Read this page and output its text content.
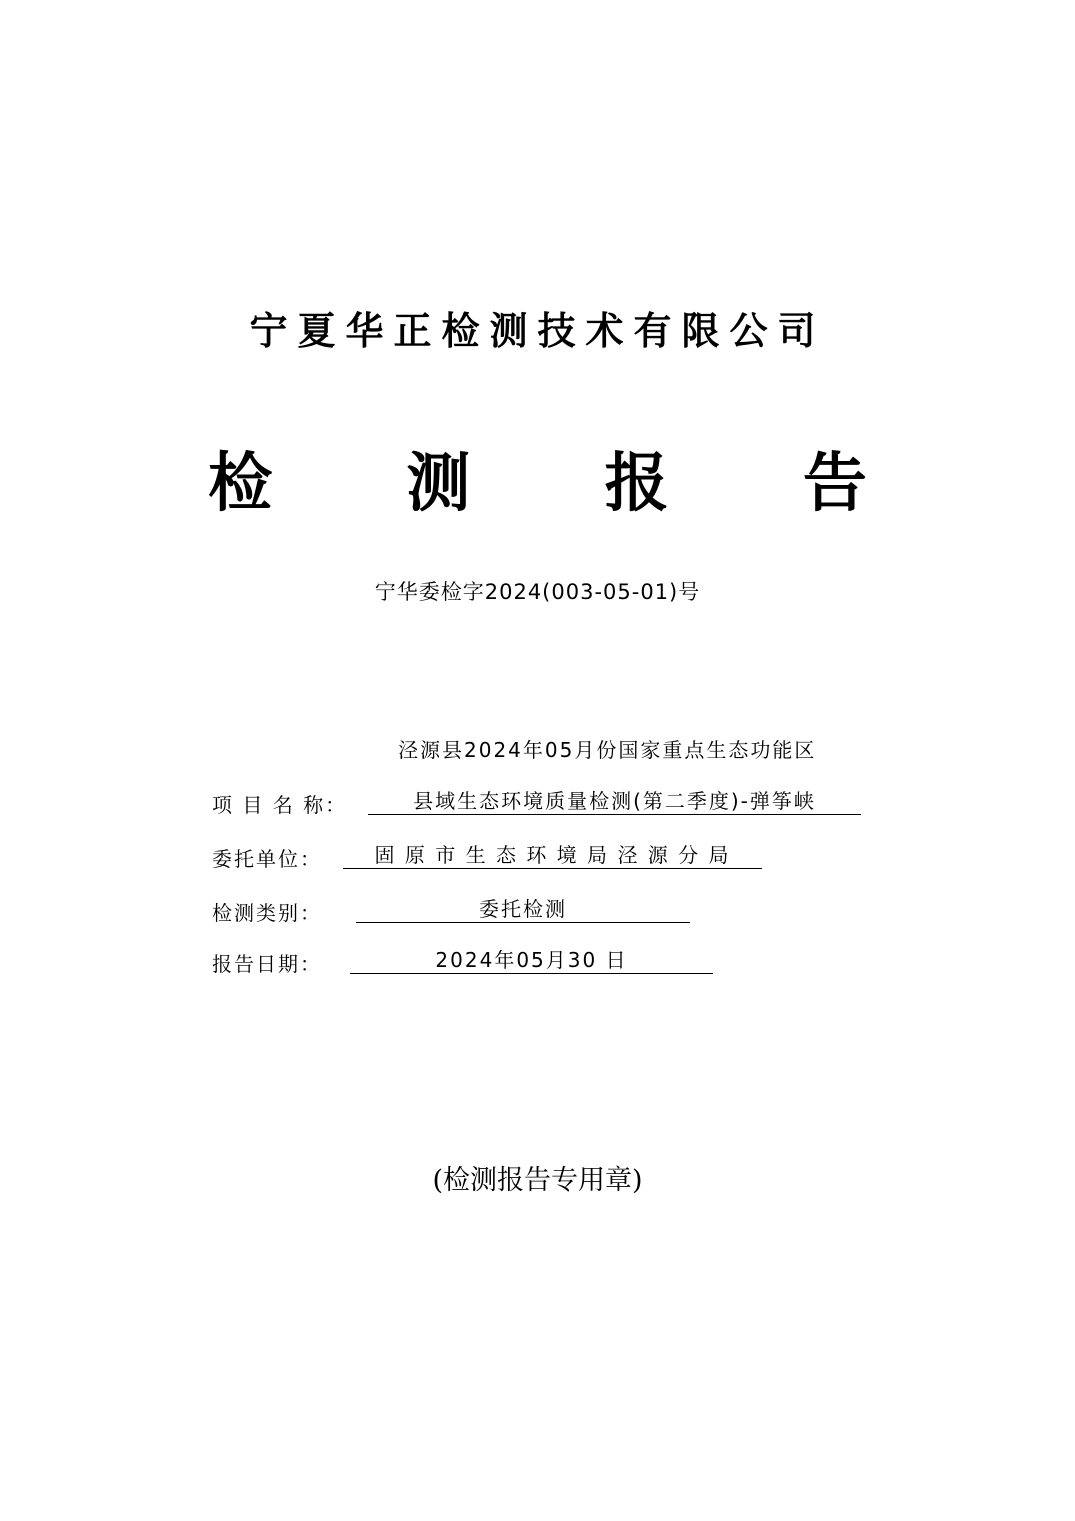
宁夏华正检测技术有限公司
检 测 报 告
宁华委检字2024(003-05-01)号
泾源县2024年05月份国家重点生态功能区
项 目 名 称：	县域生态环境质量检测(第二季度)-弹筝峡
委托单位：	固 原 市 生 态 环 境 局 泾 源 分 局
检测类别：	委托检测
报告日期：	2024年05月30 日
(检测报告专用章)
